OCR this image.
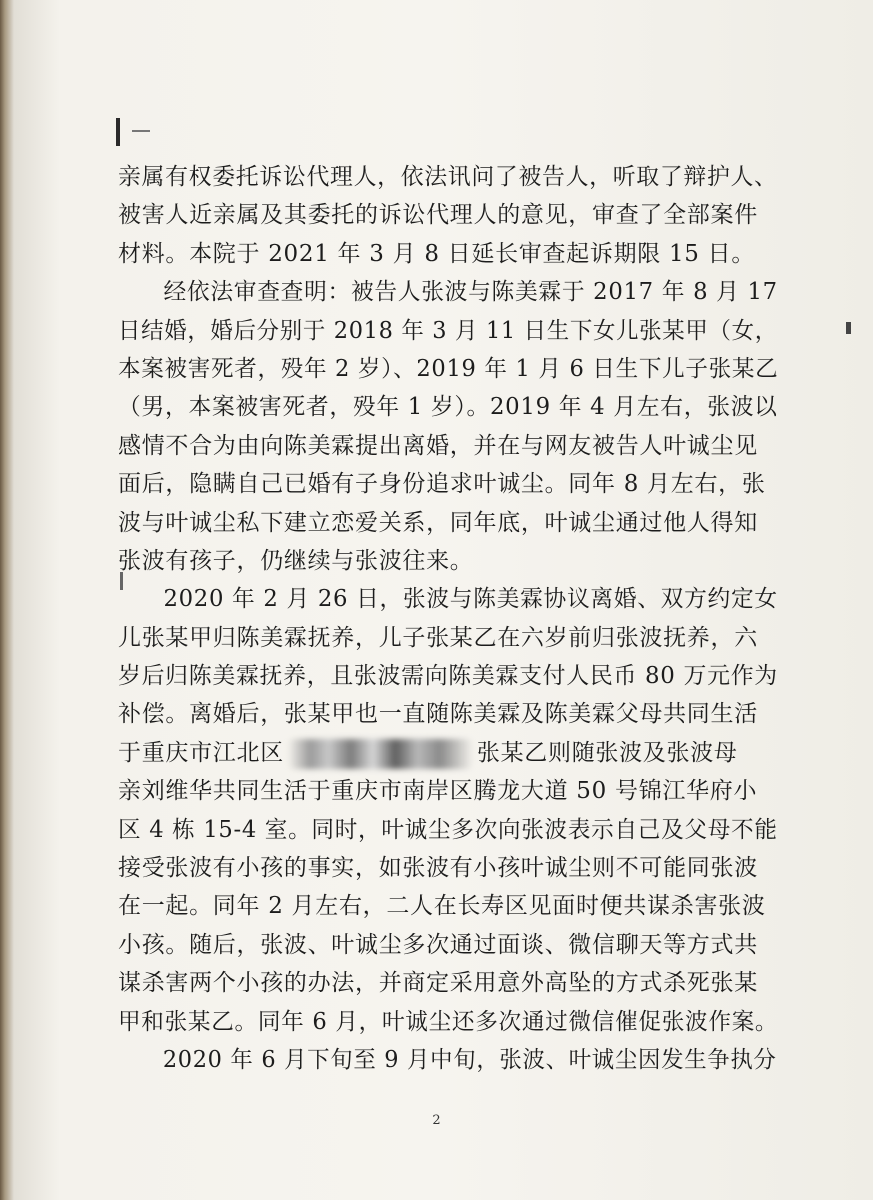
亲属有权委托诉讼代理人，依法讯问了被告人，听取了辩护人、
被害人近亲属及其委托的诉讼代理人的意见，审查了全部案件
材料。本院于 2021 年 3 月 8 日延长审查起诉期限 15 日。
经依法审查查明：被告人张波与陈美霖于 2017 年 8 月 17
日结婚，婚后分别于 2018 年 3 月 11 日生下女儿张某甲（女，
本案被害死者，殁年 2 岁）、2019 年 1 月 6 日生下儿子张某乙
（男，本案被害死者，殁年 1 岁）。2019 年 4 月左右，张波以
感情不合为由向陈美霖提出离婚，并在与网友被告人叶诚尘见
面后，隐瞒自己已婚有子身份追求叶诚尘。同年 8 月左右，张
波与叶诚尘私下建立恋爱关系，同年底，叶诚尘通过他人得知
张波有孩子，仍继续与张波往来。
2020 年 2 月 26 日，张波与陈美霖协议离婚、双方约定女
儿张某甲归陈美霖抚养，儿子张某乙在六岁前归张波抚养，六
岁后归陈美霖抚养，且张波需向陈美霖支付人民币 80 万元作为
补偿。离婚后，张某甲也一直随陈美霖及陈美霖父母共同生活
于重庆市江北区	张某乙则随张波及张波母
亲刘维华共同生活于重庆市南岸区腾龙大道 50 号锦江华府小
区 4 栋 15-4 室。同时，叶诚尘多次向张波表示自己及父母不能
接受张波有小孩的事实，如张波有小孩叶诚尘则不可能同张波
在一起。同年 2 月左右，二人在长寿区见面时便共谋杀害张波
小孩。随后，张波、叶诚尘多次通过面谈、微信聊天等方式共
谋杀害两个小孩的办法，并商定采用意外高坠的方式杀死张某
甲和张某乙。同年 6 月，叶诚尘还多次通过微信催促张波作案。
2020 年 6 月下旬至 9 月中旬，张波、叶诚尘因发生争执分
2
